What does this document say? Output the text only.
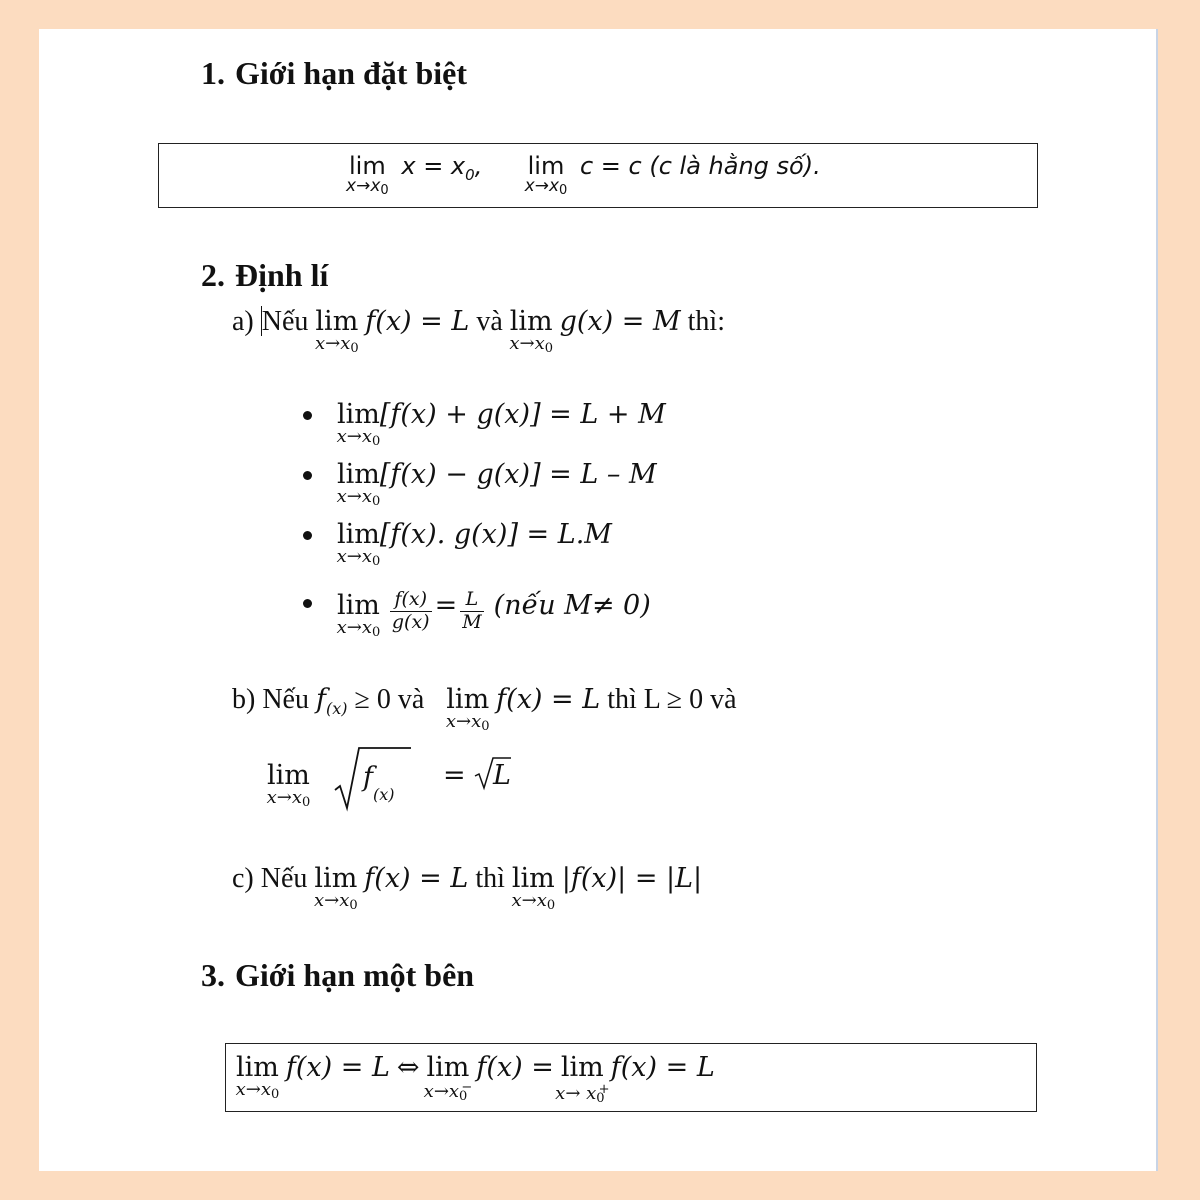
1. Giới hạn đặt biệt
lim
$x\to x_0$
$x = x_0$, lim
$x\to x_0$
c = c (c là hằng số).
2. Định lí
a) Nếu lim
$x\to x_0$
f(x) = L và lim
$x\to x_0$
g(x) = M thì:
lim
$x\to x_0$
[f(x) + g(x)] = L + M
lim
$x\to x_0$
[f(x) − g(x)] = L – M
lim
$x\to x_0$
[f(x). g(x)] = L.M
lim
$x\to x_0$
$\frac{f(x)}{g(x)} = \frac{L}{M}$ (nếu M≠ 0)
b) Nếu $f_{(x)} \ge 0$ và lim
$x\to x_0$
f(x) = L thì L ≥ 0 và
lim
$x\to x_0$
$f_{(x)}$
= L
c) Nếu lim
$x\to x_0$
f(x) = L thì lim
$x\to x_0$
|f(x)| = |L|
3. Giới hạn một bên
lim
$x\to x_0$
f(x) = L ⇔ lim
$x\to x_0^-$
f(x) = lim
$x\to x_0^+$
f(x) = L
